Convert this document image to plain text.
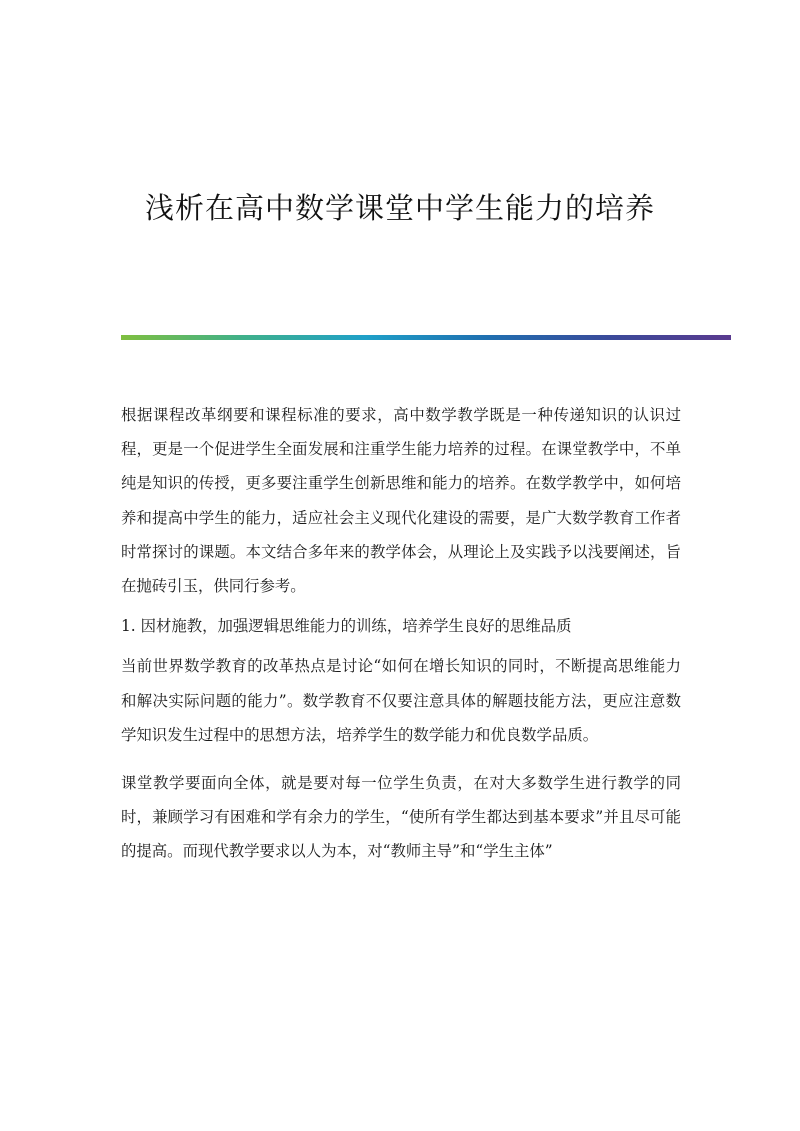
浅析在高中数学课堂中学生能力的培养

根据课程改革纲要和课程标准的要求，高中数学教学既是一种传递知识的认识过程，更是一个促进学生全面发展和注重学生能力培养的过程。在课堂教学中，不单纯是知识的传授，更多要注重学生创新思维和能力的培养。在数学教学中，如何培养和提高中学生的能力，适应社会主义现代化建设的需要，是广大数学教育工作者时常探讨的课题。本文结合多年来的教学体会，从理论上及实践予以浅要阐述，旨在抛砖引玉，供同行参考。

1. 因材施教，加强逻辑思维能力的训练，培养学生良好的思维品质

当前世界数学教育的改革热点是讨论“如何在增长知识的同时，不断提高思维能力和解决实际问题的能力”。数学教育不仅要注意具体的解题技能方法，更应注意数学知识发生过程中的思想方法，培养学生的数学能力和优良数学品质。

课堂教学要面向全体，就是要对每一位学生负责，在对大多数学生进行教学的同时，兼顾学习有困难和学有余力的学生，“使所有学生都达到基本要求”并且尽可能的提高。而现代教学要求以人为本，对“教师主导”和“学生主体”
